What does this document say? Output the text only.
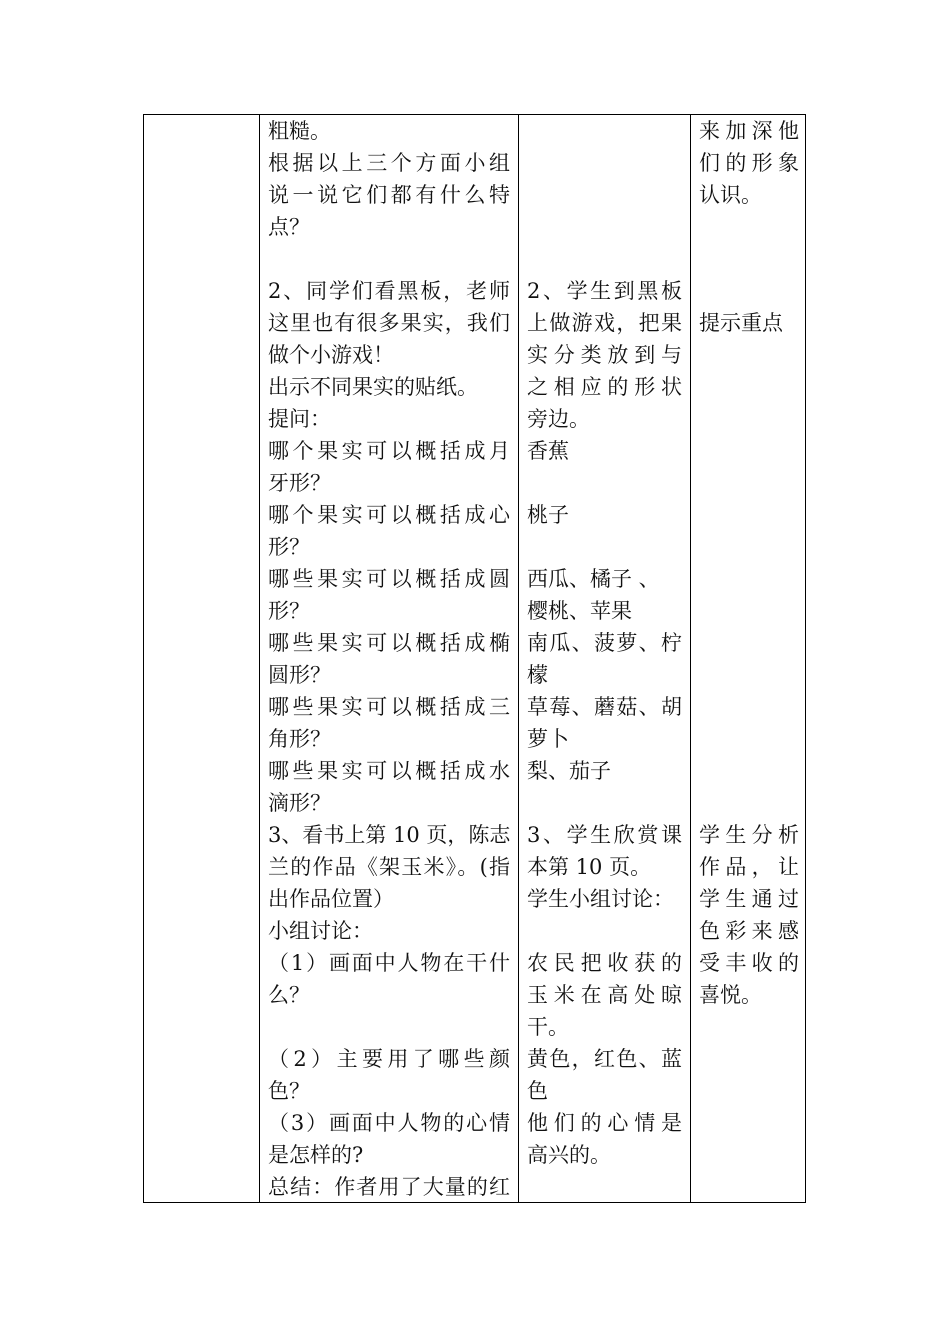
粗糙。
根据以上三个方面小组
说一说它们都有什么特
点？
2、同学们看黑板，老师
这里也有很多果实，我们
做个小游戏！
出示不同果实的贴纸。
提问：
哪个果实可以概括成月
牙形？
哪个果实可以概括成心
形？
哪些果实可以概括成圆
形？
哪些果实可以概括成椭
圆形？
哪些果实可以概括成三
角形？
哪些果实可以概括成水
滴形？
3、看书上第 10 页，陈志
兰的作品《架玉米》。(指
出作品位置）
小组讨论：
（1）画面中人物在干什
么？
（2）主要用了哪些颜
色？
（3）画面中人物的心情
是怎样的?
总结：作者用了大量的红
2、学生到黑板
上做游戏，把果
实分类放到与
之相应的形状
旁边。
香蕉
桃子
西瓜、橘子 、
樱桃、苹果
南瓜、菠萝、柠
檬
草莓、蘑菇、胡
萝卜
梨、茄子
3、学生欣赏课
本第 10 页。
学生小组讨论：
农民把收获的
玉米在高处晾
干。
黄色，红色、蓝
色
他们的心情是
高兴的。
来加深他
们的形象
认识。
提示重点
学生分析
作品，让
学生通过
色彩来感
受丰收的
喜悦。
